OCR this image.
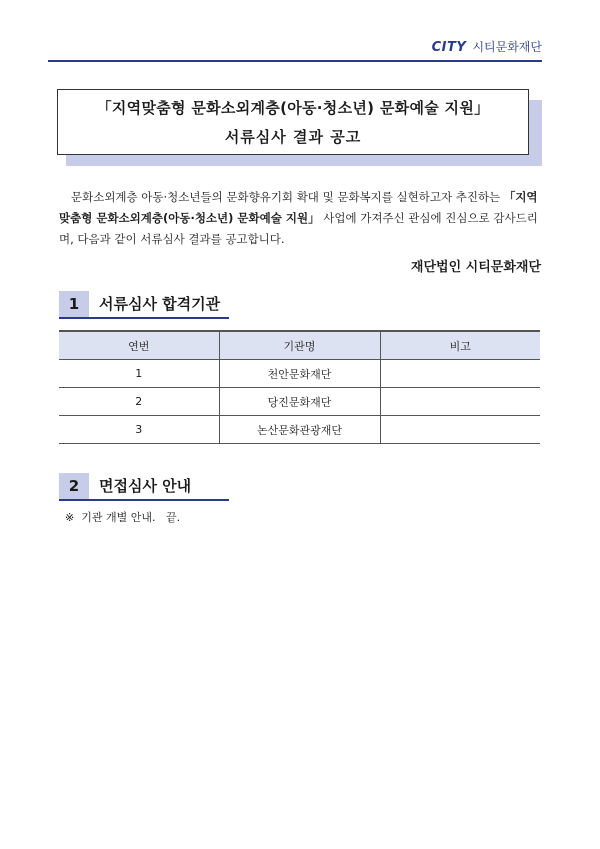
CITY 시티문화재단
「지역맞춤형 문화소외계층(아동·청소년) 문화예술 지원」
서류심사 결과 공고
문화소외계층 아동·청소년들의 문화향유기회 확대 및 문화복지를 실현하고자 추진하는 「지역맞춤형 문화소외계층(아동·청소년) 문화예술 지원」 사업에 가져주신 관심에 진심으로 감사드리며, 다음과 같이 서류심사 결과를 공고합니다.
재단법인 시티문화재단
1	서류심사 합격기관
연번	기관명	비고
1	천안문화재단	
2	당진문화재단	
3	논산문화관광재단	
2	면접심사 안내
※  기관 개별 안내.   끝.
